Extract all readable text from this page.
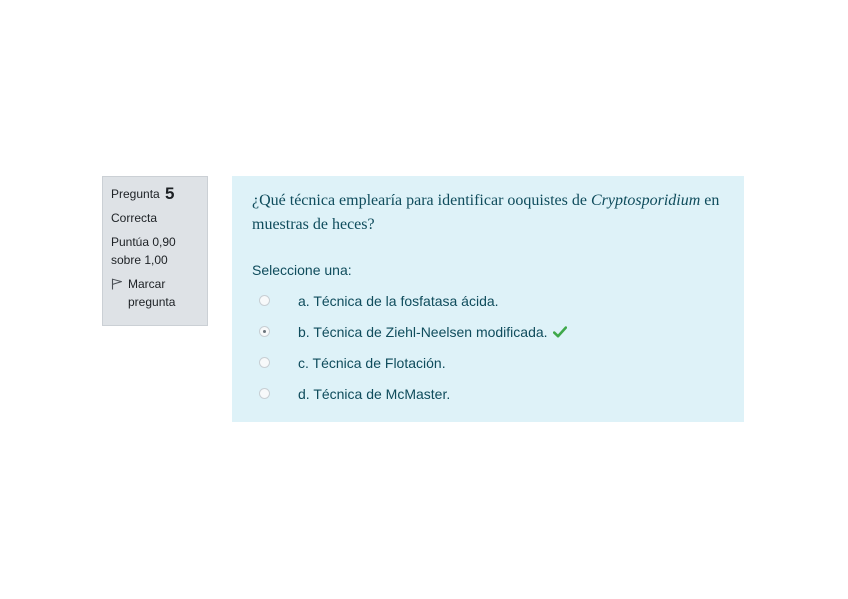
Pregunta 5
Correcta
Puntúa 0,90 sobre 1,00
Marcar pregunta
¿Qué técnica emplearía para identificar ooquistes de Cryptosporidium en muestras de heces?
Seleccione una:
a. Técnica de la fosfatasa ácida.
b. Técnica de Ziehl-Neelsen modificada.
c. Técnica de Flotación.
d. Técnica de McMaster.
